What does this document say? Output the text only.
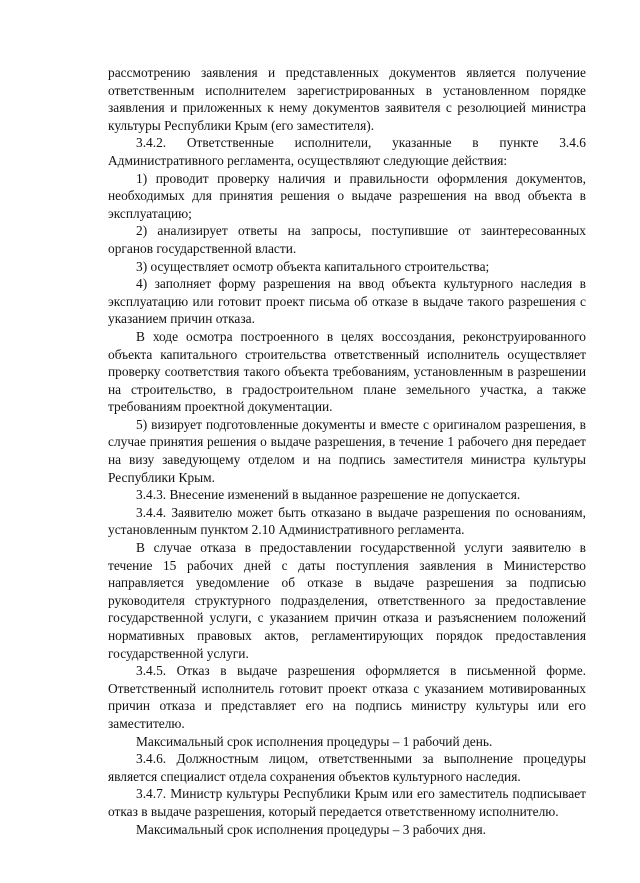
рассмотрению заявления и представленных документов является получение ответственным исполнителем зарегистрированных в установленном порядке заявления и приложенных к нему документов заявителя с резолюцией министра культуры Республики Крым (его заместителя).

3.4.2. Ответственные исполнители, указанные в пункте 3.4.6 Административного регламента, осуществляют следующие действия:

1) проводит проверку наличия и правильности оформления документов, необходимых для принятия решения о выдаче разрешения на ввод объекта в эксплуатацию;

2) анализирует ответы на запросы, поступившие от заинтересованных органов государственной власти.

3) осуществляет осмотр объекта капитального строительства;

4) заполняет форму разрешения на ввод объекта культурного наследия в эксплуатацию или готовит проект письма об отказе в выдаче такого разрешения с указанием причин отказа.

В ходе осмотра построенного в целях воссоздания, реконструированного объекта капитального строительства ответственный исполнитель осуществляет проверку соответствия такого объекта требованиям, установленным в разрешении на строительство, в градостроительном плане земельного участка, а также требованиям проектной документации.

5) визирует подготовленные документы и вместе с оригиналом разрешения, в случае принятия решения о выдаче разрешения, в течение 1 рабочего дня передает на визу заведующему отделом и на подпись заместителя министра культуры Республики Крым.

3.4.3. Внесение изменений в выданное разрешение не допускается.

3.4.4. Заявителю может быть отказано в выдаче разрешения по основаниям, установленным пунктом 2.10 Административного регламента.

В случае отказа в предоставлении государственной услуги заявителю в течение 15 рабочих дней с даты поступления заявления в Министерство направляется уведомление об отказе в выдаче разрешения за подписью руководителя структурного подразделения, ответственного за предоставление государственной услуги, с указанием причин отказа и разъяснением положений нормативных правовых актов, регламентирующих порядок предоставления государственной услуги.

3.4.5. Отказ в выдаче разрешения оформляется в письменной форме. Ответственный исполнитель готовит проект отказа с указанием мотивированных причин отказа и представляет его на подпись министру культуры или его заместителю.

Максимальный срок исполнения процедуры – 1 рабочий день.

3.4.6. Должностным лицом, ответственными за выполнение процедуры является специалист отдела сохранения объектов культурного наследия.

3.4.7. Министр культуры Республики Крым или его заместитель подписывает отказ в выдаче разрешения, который передается ответственному исполнителю.

Максимальный срок исполнения процедуры – 3 рабочих дня.
